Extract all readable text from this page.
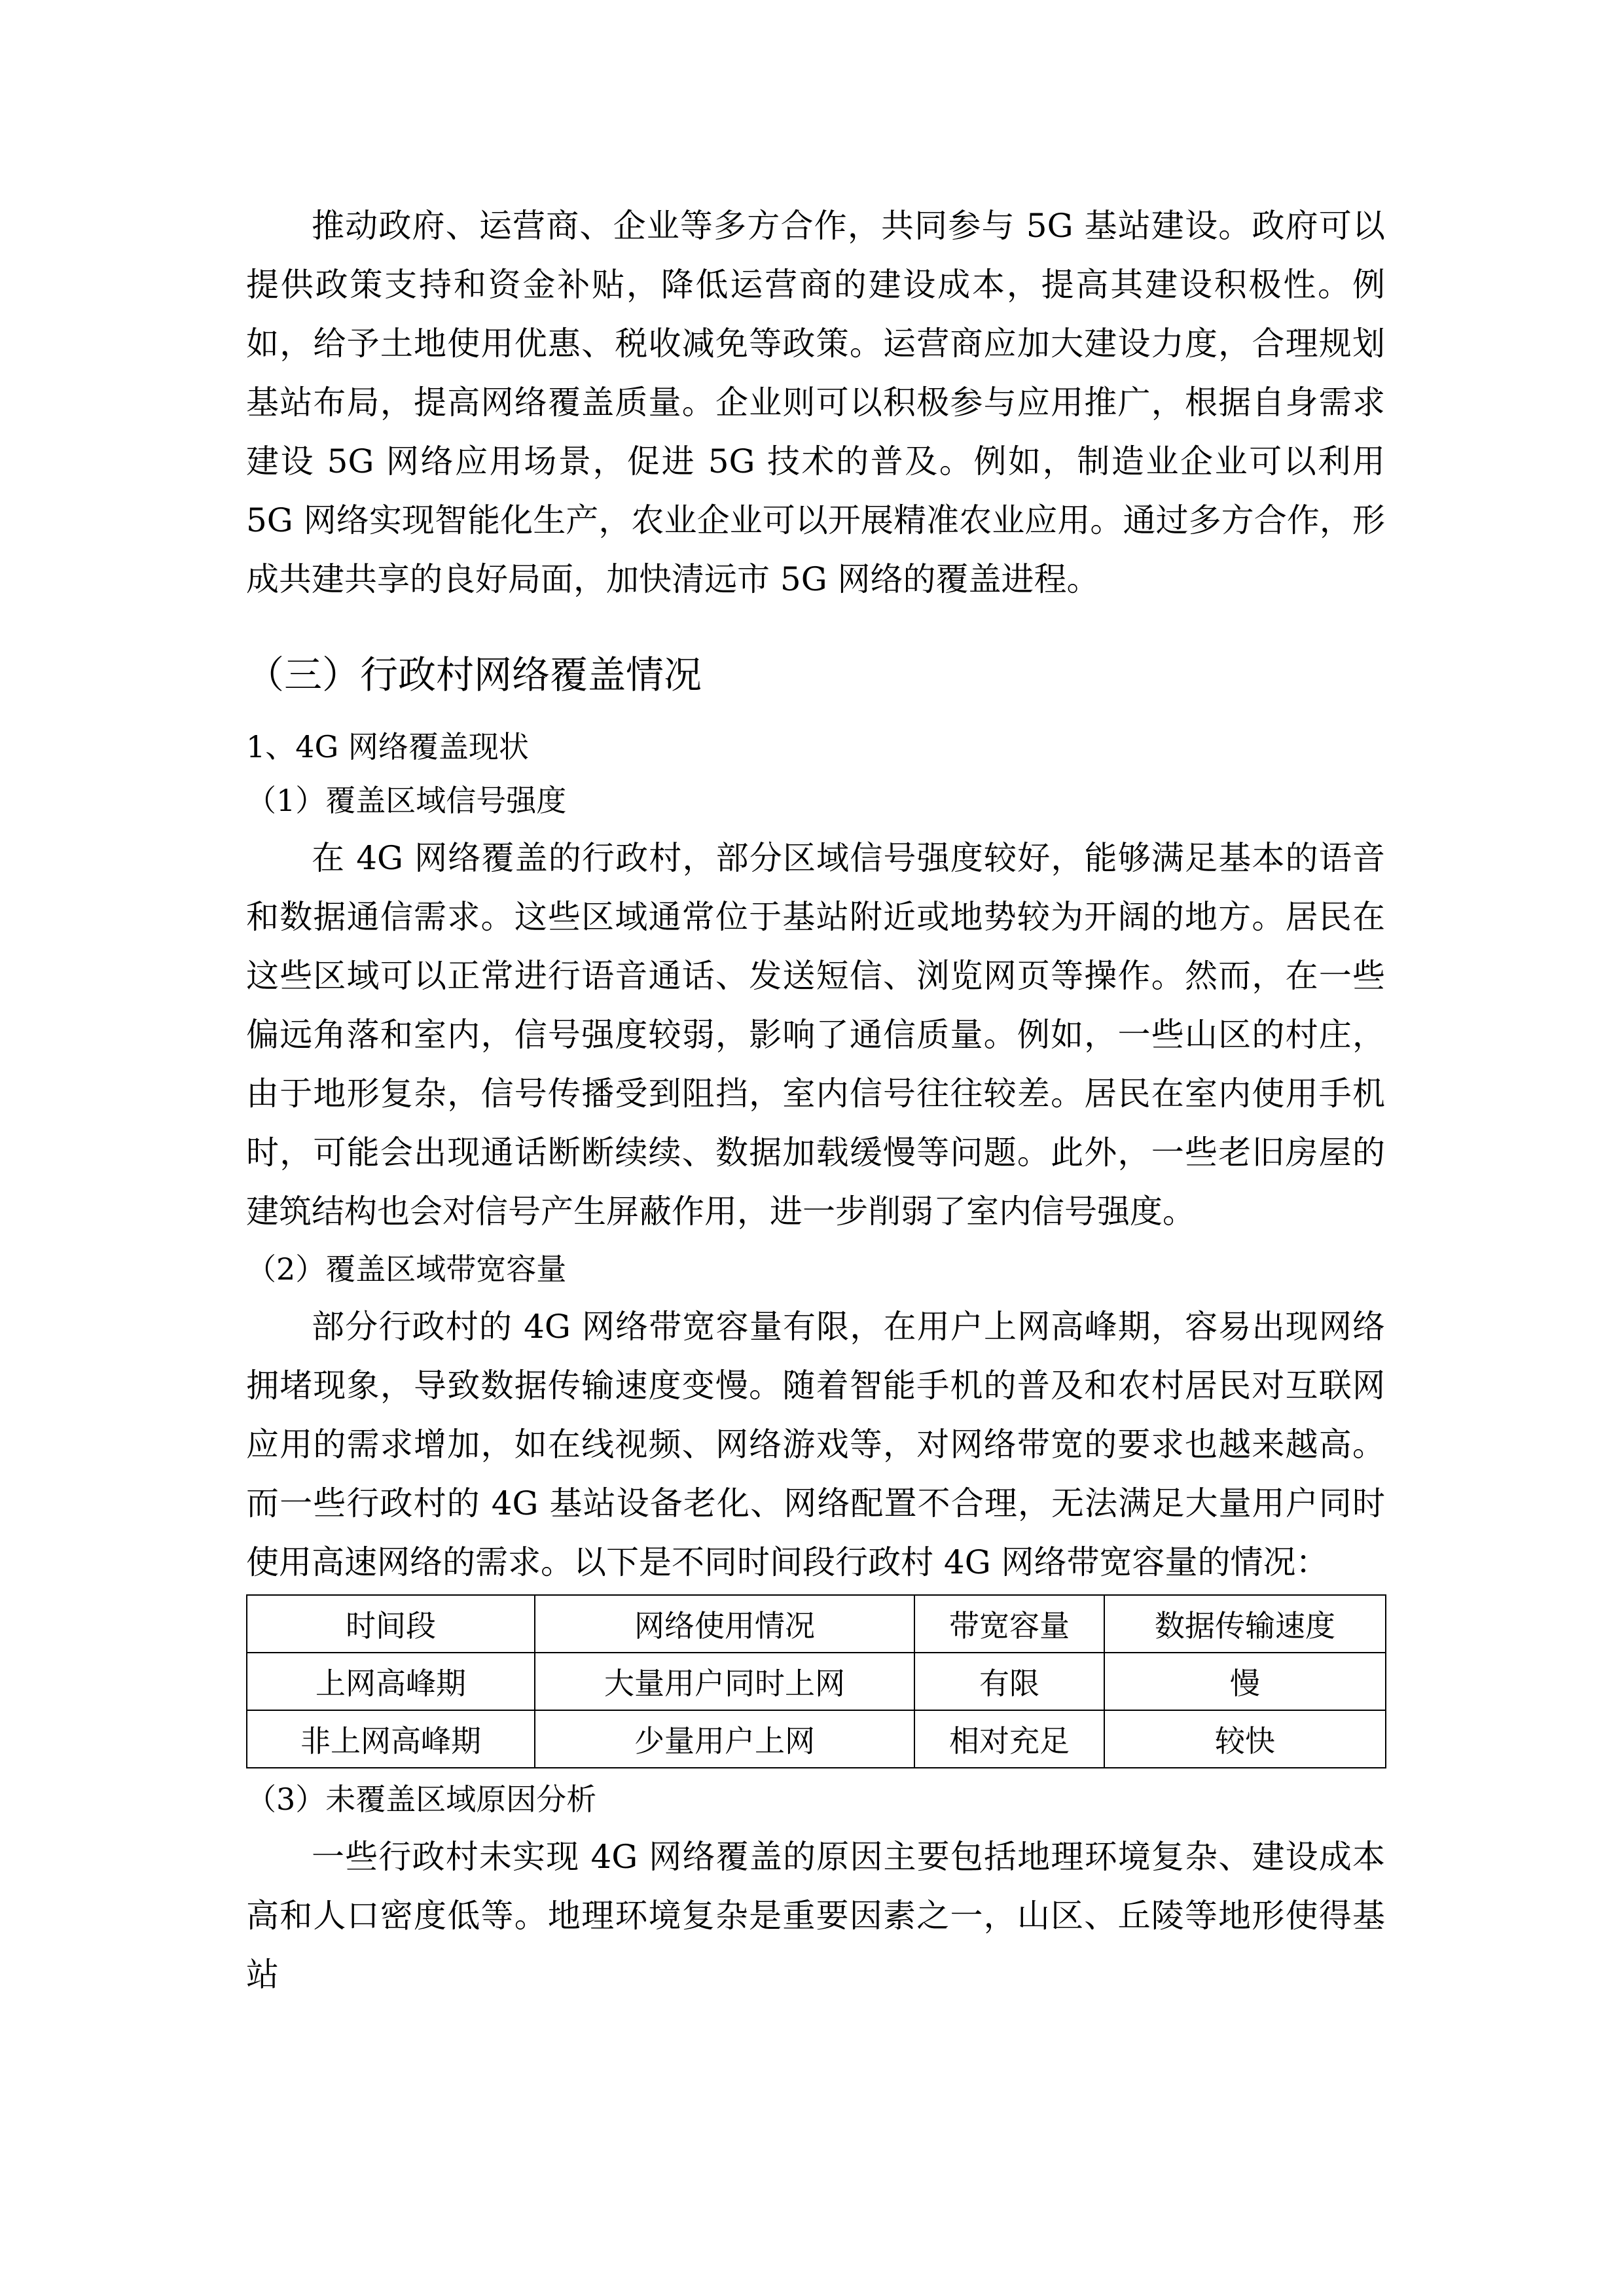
推动政府、运营商、企业等多方合作，共同参与 5G 基站建设。政府可以提供政策支持和资金补贴，降低运营商的建设成本，提高其建设积极性。例如，给予土地使用优惠、税收减免等政策。运营商应加大建设力度，合理规划基站布局，提高网络覆盖质量。企业则可以积极参与应用推广，根据自身需求建设 5G 网络应用场景，促进 5G 技术的普及。例如，制造业企业可以利用 5G 网络实现智能化生产，农业企业可以开展精准农业应用。通过多方合作，形成共建共享的良好局面，加快清远市 5G 网络的覆盖进程。

（三）行政村网络覆盖情况
1、4G 网络覆盖现状
（1）覆盖区域信号强度

在 4G 网络覆盖的行政村，部分区域信号强度较好，能够满足基本的语音和数据通信需求。这些区域通常位于基站附近或地势较为开阔的地方。居民在这些区域可以正常进行语音通话、发送短信、浏览网页等操作。然而，在一些偏远角落和室内，信号强度较弱，影响了通信质量。例如，一些山区的村庄，由于地形复杂，信号传播受到阻挡，室内信号往往较差。居民在室内使用手机时，可能会出现通话断断续续、数据加载缓慢等问题。此外，一些老旧房屋的建筑结构也会对信号产生屏蔽作用，进一步削弱了室内信号强度。

（2）覆盖区域带宽容量

部分行政村的 4G 网络带宽容量有限，在用户上网高峰期，容易出现网络拥堵现象，导致数据传输速度变慢。随着智能手机的普及和农村居民对互联网应用的需求增加，如在线视频、网络游戏等，对网络带宽的要求也越来越高。而一些行政村的 4G 基站设备老化、网络配置不合理，无法满足大量用户同时使用高速网络的需求。以下是不同时间段行政村 4G 网络带宽容量的情况：

时间段	网络使用情况	带宽容量	数据传输速度
上网高峰期	大量用户同时上网	有限	慢
非上网高峰期	少量用户上网	相对充足	较快
（3）未覆盖区域原因分析

一些行政村未实现 4G 网络覆盖的原因主要包括地理环境复杂、建设成本高和人口密度低等。地理环境复杂是重要因素之一，山区、丘陵等地形使得基站
